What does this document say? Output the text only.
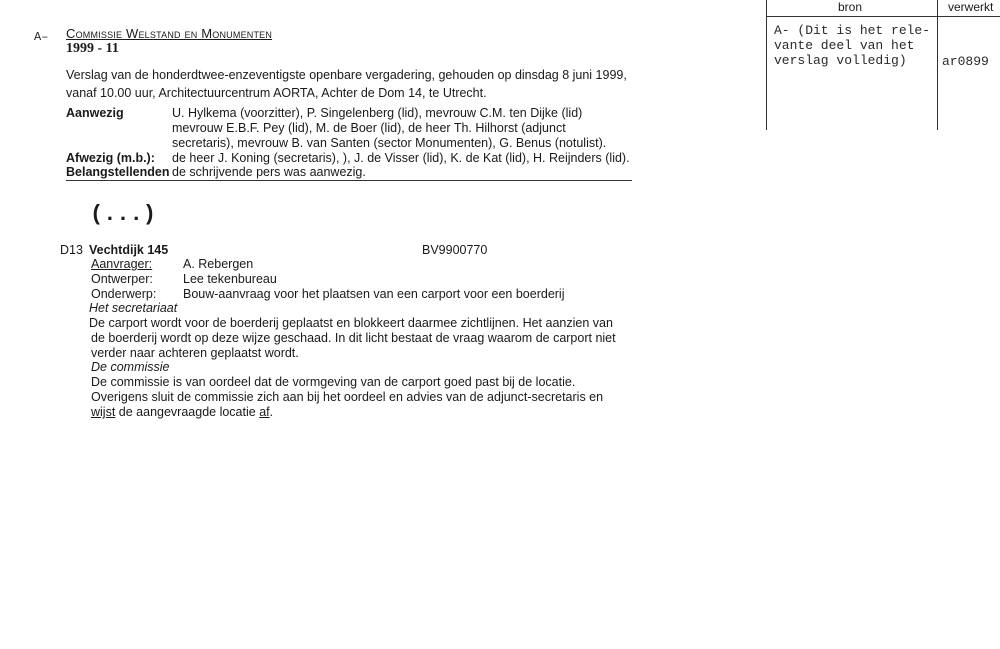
bron	verwerkt
A- (Dit is het rele-
vante deel van het
verslag volledig)	ar0899
A– Commissie Welstand en Monumenten
1999 - 11
Verslag van de honderdtwee-enzeventigste openbare vergadering, gehouden op dinsdag 8 juni 1999,
vanaf 10.00 uur, Architectuurcentrum AORTA, Achter de Dom 14, te Utrecht.
Aanwezig	U. Hylkema (voorzitter), P. Singelenberg (lid), mevrouw C.M. ten Dijke (lid)
mevrouw E.B.F. Pey (lid), M. de Boer (lid), de heer Th. Hilhorst (adjunct
secretaris), mevrouw B. van Santen (sector Monumenten), G. Benus (notulist).
Afwezig (m.b.): de heer J. Koning (secretaris), ), J. de Visser (lid), K. de Kat (lid), H. Reijnders (lid).
Belangstellenden de schrijvende pers was aanwezig.
(...)
D13 Vechtdijk 145	BV9900770
Aanvrager: A. Rebergen
Ontwerper: Lee tekenbureau
Onderwerp: Bouw-aanvraag voor het plaatsen van een carport voor een boerderij
Het secretariaat
De carport wordt voor de boerderij geplaatst en blokkeert daarmee zichtlijnen. Het aanzien van
de boerderij wordt op deze wijze geschaad. In dit licht bestaat de vraag waarom de carport niet
verder naar achteren geplaatst wordt.
De commissie
De commissie is van oordeel dat de vormgeving van de carport goed past bij de locatie.
Overigens sluit de commissie zich aan bij het oordeel en advies van de adjunct-secretaris en
wijst de aangevraagde locatie af.
